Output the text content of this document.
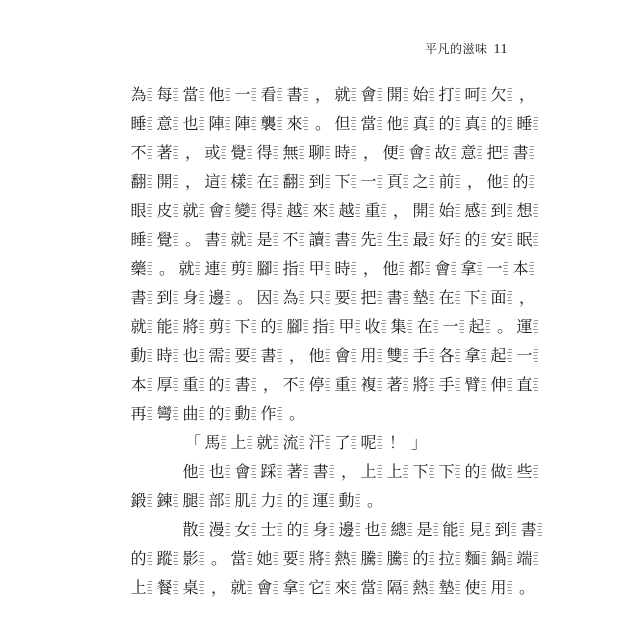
平凡的滋味 11
為 每 當 他 一 看 書 ， 就 會 開 始 打 呵 欠 ，
睡 意 也 陣 陣 襲 來 。 但 當 他 真 的 真 的 睡
不 著 ， 或 覺 得 無 聊 時 ， 便 會 故 意 把 書
翻 開 ， 這 樣 在 翻 到 下 一 頁 之 前 ， 他 的
眼 皮 就 會 變 得 越 來 越 重 ， 開 始 感 到 想
睡 覺 。 書 就 是 不 讀 書 先 生 最 好 的 安 眠
藥 。 就 連 剪 腳 指 甲 時 ， 他 都 會 拿 一 本
書 到 身 邊 。 因 為 只 要 把 書 墊 在 下 面 ，
就 能 將 剪 下 的 腳 指 甲 收 集 在 一 起 。 運
動 時 也 需 要 書 ， 他 會 用 雙 手 各 拿 起 一
本 厚 重 的 書 ， 不 停 重 複 著 將 手 臂 伸 直
再 彎 曲 的 動 作 。
「 馬 上 就 流 汗 了 呢 ！ 」
他 也 會 踩 著 書 ， 上 上 下 下 的 做 些
鍛 鍊 腿 部 肌 力 的 運 動 。
散 漫 女 士 的 身 邊 也 總 是 能 見 到 書
的 蹤 影 。 當 她 要 將 熱 騰 騰 的 拉 麵 鍋 端
上 餐 桌 ， 就 會 拿 它 來 當 隔 熱 墊 使 用 。
